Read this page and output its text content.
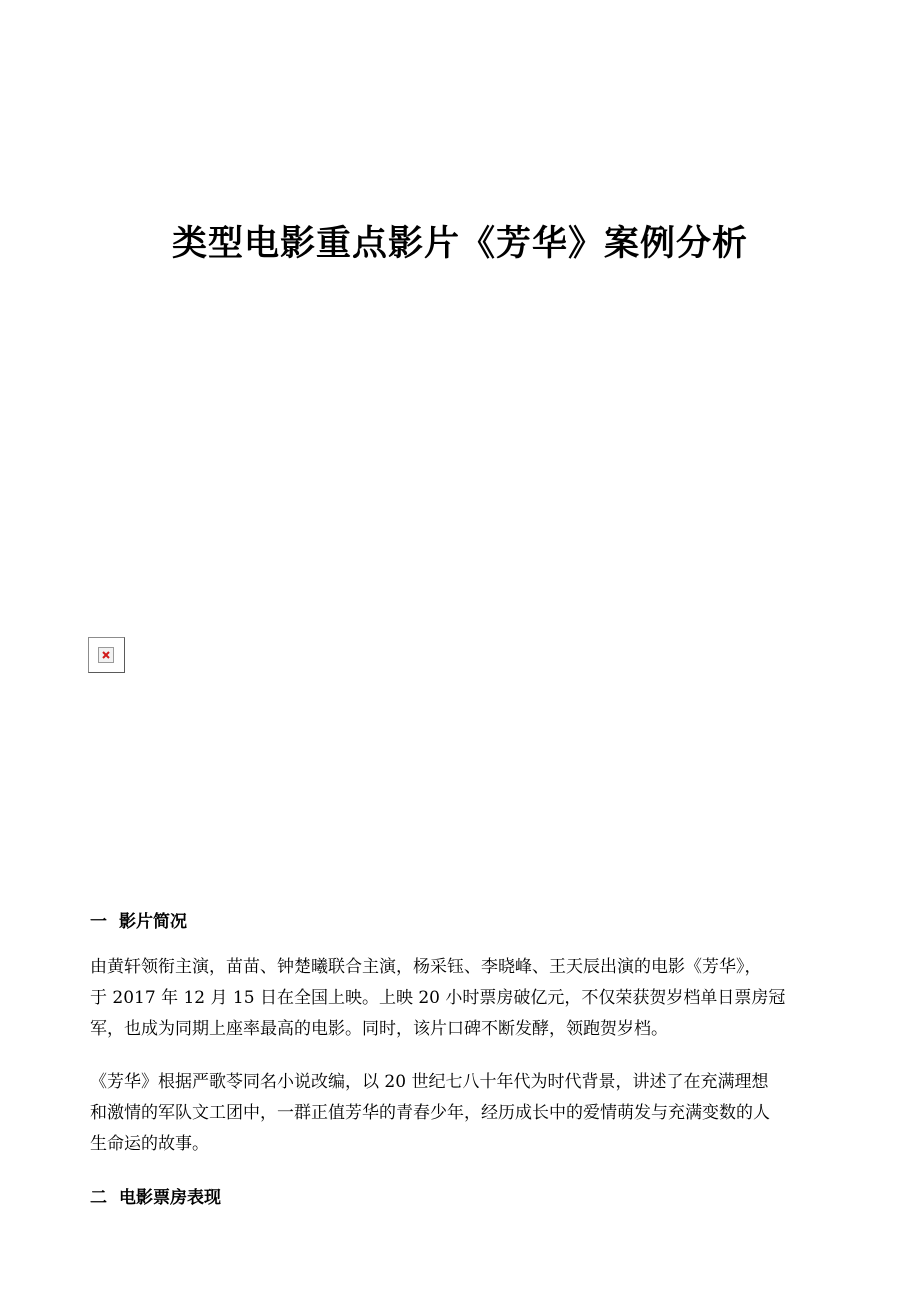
类型电影重点影片《芳华》案例分析
一 影片简况

由黄轩领衔主演，苗苗、钟楚曦联合主演，杨采钰、李晓峰、王天辰出演的电影《芳华》，
于 2017 年 12 月 15 日在全国上映。上映 20 小时票房破亿元，不仅荣获贺岁档单日票房冠
军，也成为同期上座率最高的电影。同时，该片口碑不断发酵，领跑贺岁档。

《芳华》根据严歌苓同名小说改编，以 20 世纪七八十年代为时代背景，讲述了在充满理想
和激情的军队文工团中，一群正值芳华的青春少年，经历成长中的爱情萌发与充满变数的人
生命运的故事。

二 电影票房表现
